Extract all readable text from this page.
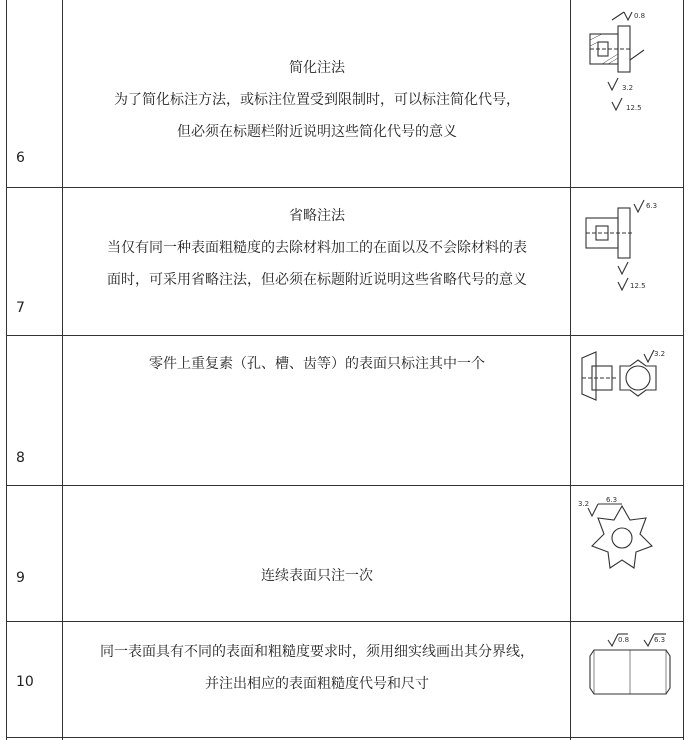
6

简化注法

为了简化标注方法，或标注位置受到限制时，可以标注简化代号，

但必须在标题栏附近说明这些简化代号的意义

0.8
3.2
12.5
7

省略注法

当仅有同一种表面粗糙度的去除材料加工的在面以及不会除材料的表

面时，可采用省略注法，但必须在标题附近说明这些省略代号的意义

6.3
12.5
8

零件上重复素（孔、槽、齿等）的表面只标注其中一个

3.2
9	连续表面只注一次

3.2 6.3
10

同一表面具有不同的表面和粗糙度要求时，须用细实线画出其分界线，

并注出相应的表面粗糙度代号和尺寸

0.8	6.3
